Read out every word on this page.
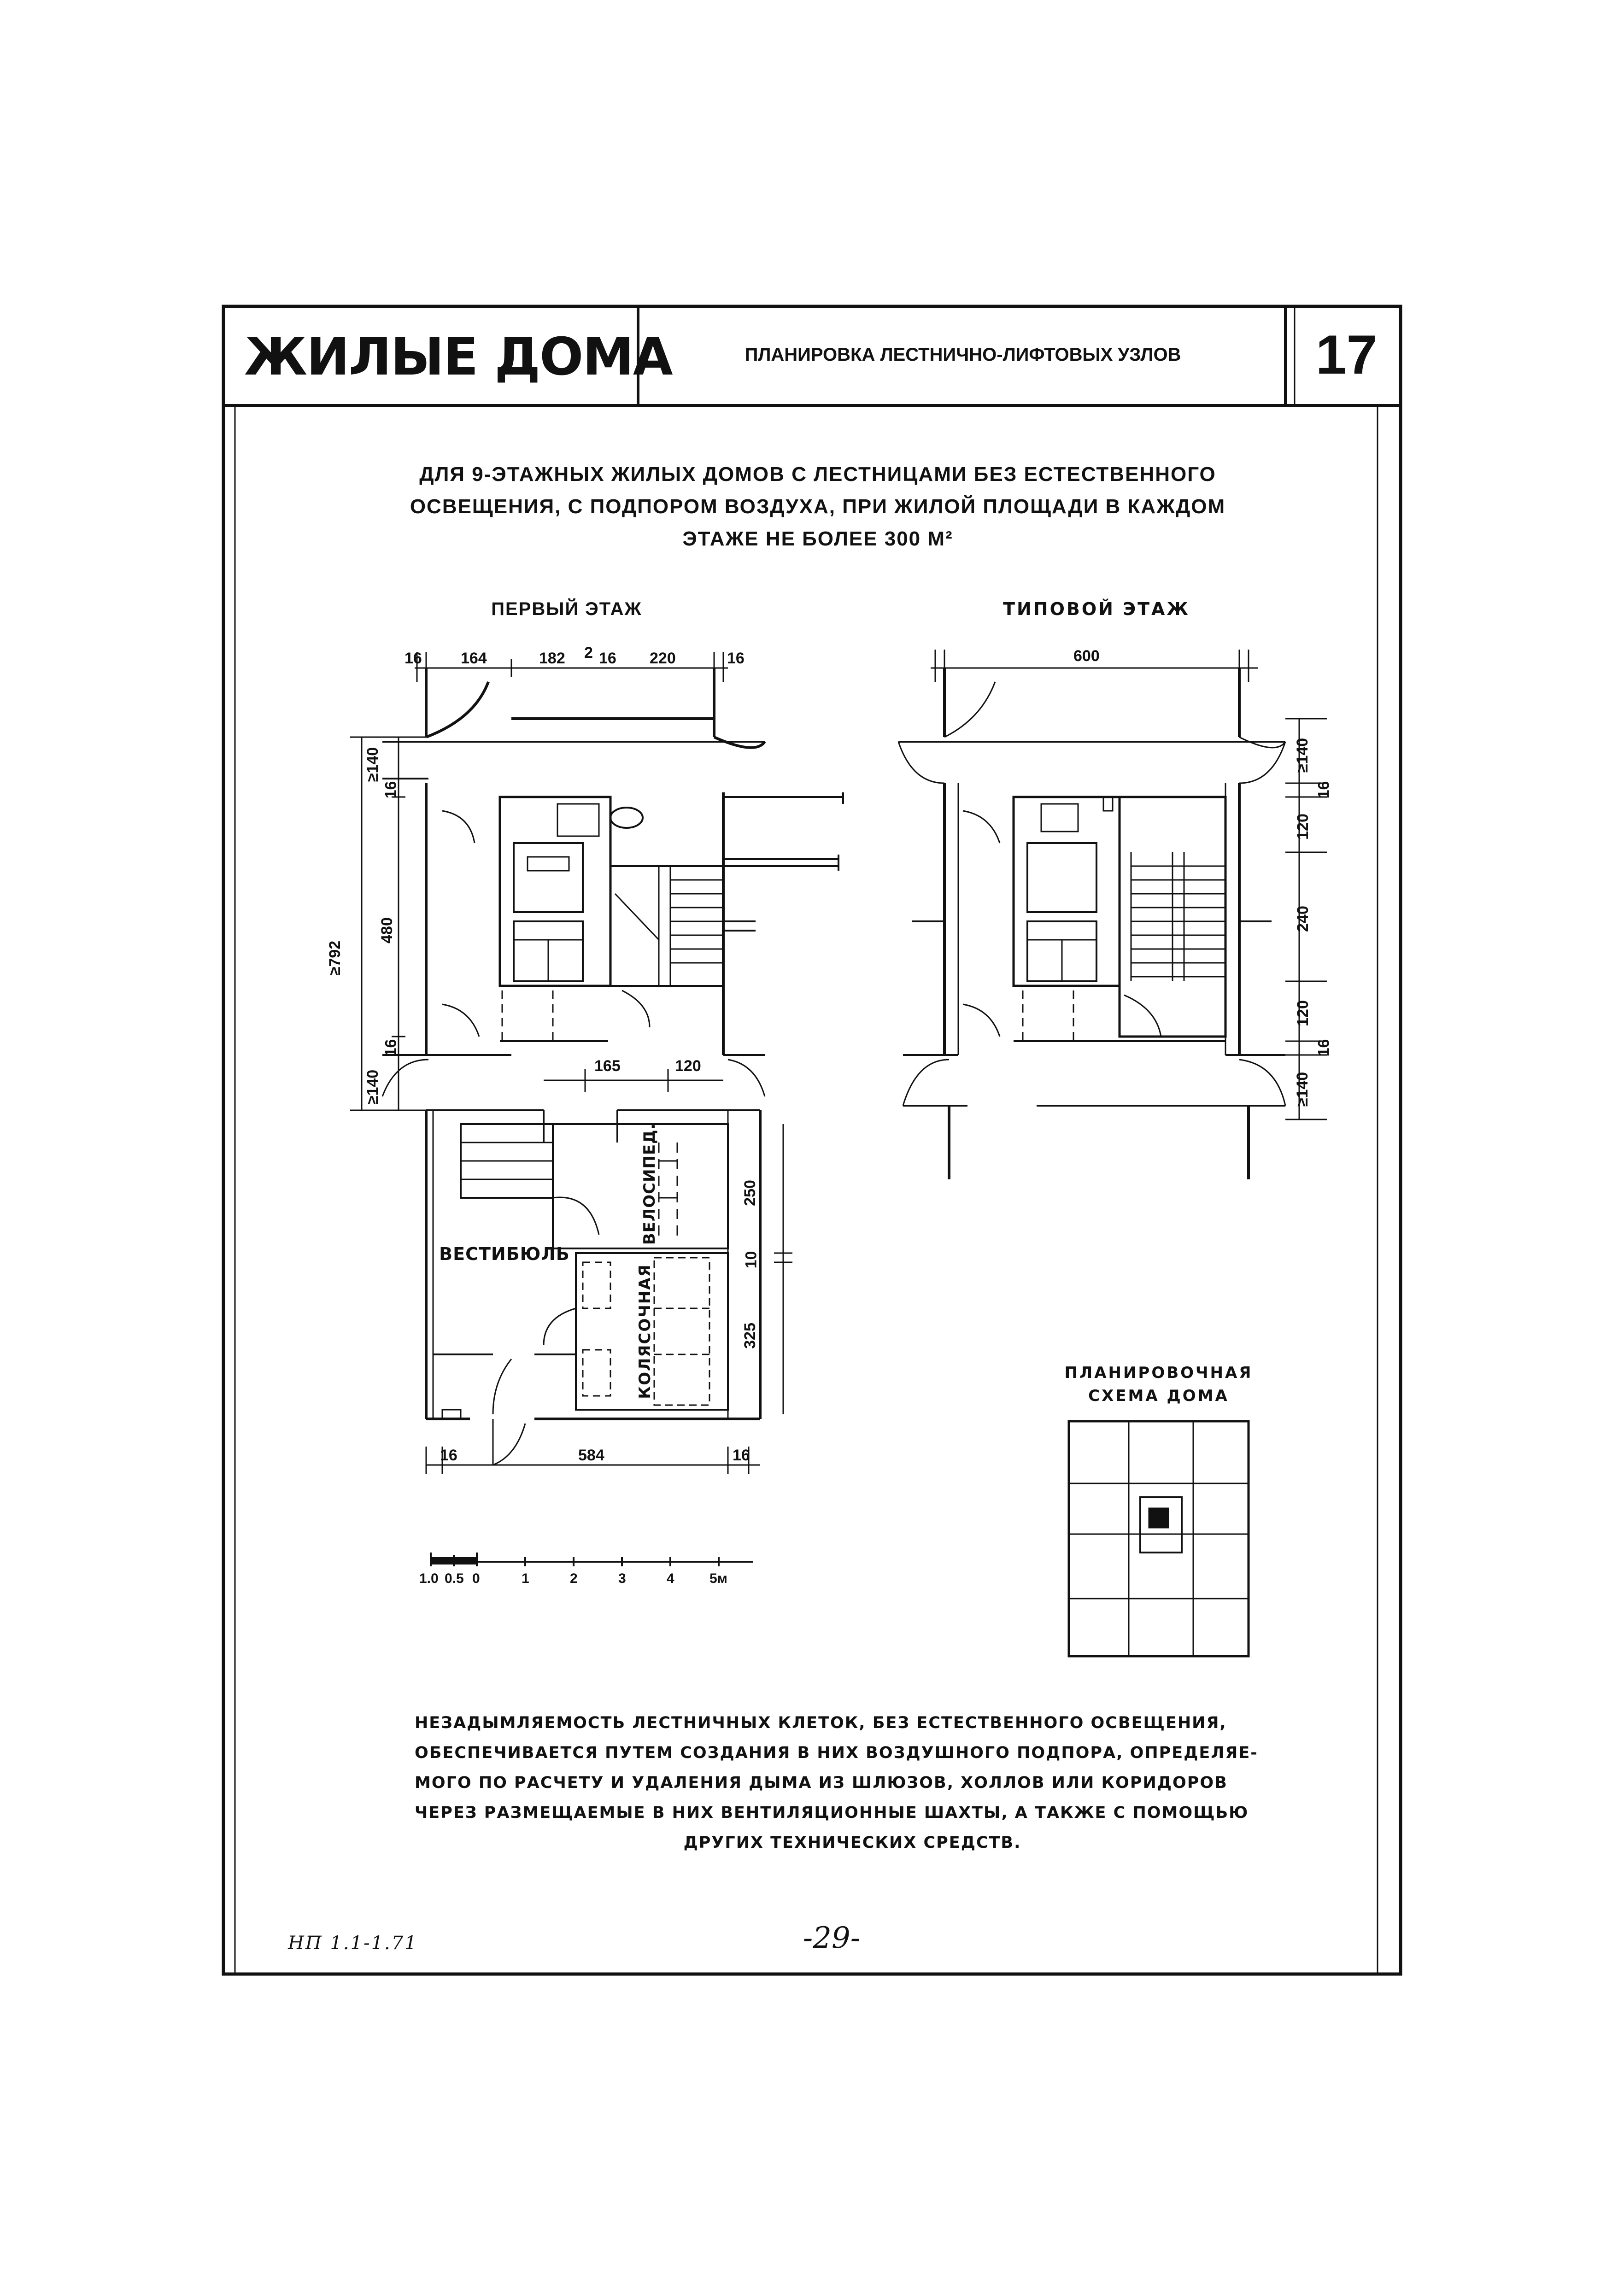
ЖИЛЫЕ ДОМА	ПЛАНИРОВКА ЛЕСТНИЧНО-ЛИФТОВЫХ УЗЛОВ	17
ДЛЯ 9-ЭТАЖНЫХ ЖИЛЫХ ДОМОВ С ЛЕСТНИЦАМИ БЕЗ ЕСТЕСТВЕННОГО
ОСВЕЩЕНИЯ, С ПОДПОРОМ ВОЗДУХА, ПРИ ЖИЛОЙ ПЛОЩАДИ В КАЖДОМ
ЭТАЖЕ НЕ БОЛЕЕ 300 М²
ПЕРВЫЙ ЭТАЖ	ТИПОВОЙ ЭТАЖ
16 164	182 2 16 220	16
≥140
16
480
16
≥140
≥792
165	120
250
10
325
16	584	16
ВЕСТИБЮЛЬ
ВЕЛОСИПЕД.
КОЛЯСОЧНАЯ
600
≥140
16
120
240
120
16
≥140
1.0 0.5 0	1	2	3	4	5м
ПЛАНИРОВОЧНАЯ
СХЕМА ДОМА
НЕЗАДЫМЛЯЕМОСТЬ ЛЕСТНИЧНЫХ КЛЕТОК, БЕЗ ЕСТЕСТВЕННОГО ОСВЕЩЕНИЯ,
ОБЕСПЕЧИВАЕТСЯ ПУТЕМ СОЗДАНИЯ В НИХ ВОЗДУШНОГО ПОДПОРА, ОПРЕДЕЛЯЕ-
МОГО ПО РАСЧЕТУ И УДАЛЕНИЯ ДЫМА ИЗ ШЛЮЗОВ, ХОЛЛОВ ИЛИ КОРИДОРОВ
ЧЕРЕЗ РАЗМЕЩАЕМЫЕ В НИХ ВЕНТИЛЯЦИОННЫЕ ШАХТЫ, А ТАКЖЕ С ПОМОЩЬЮ
ДРУГИХ ТЕХНИЧЕСКИХ СРЕДСТВ.
НП 1.1-1.71	-29-
